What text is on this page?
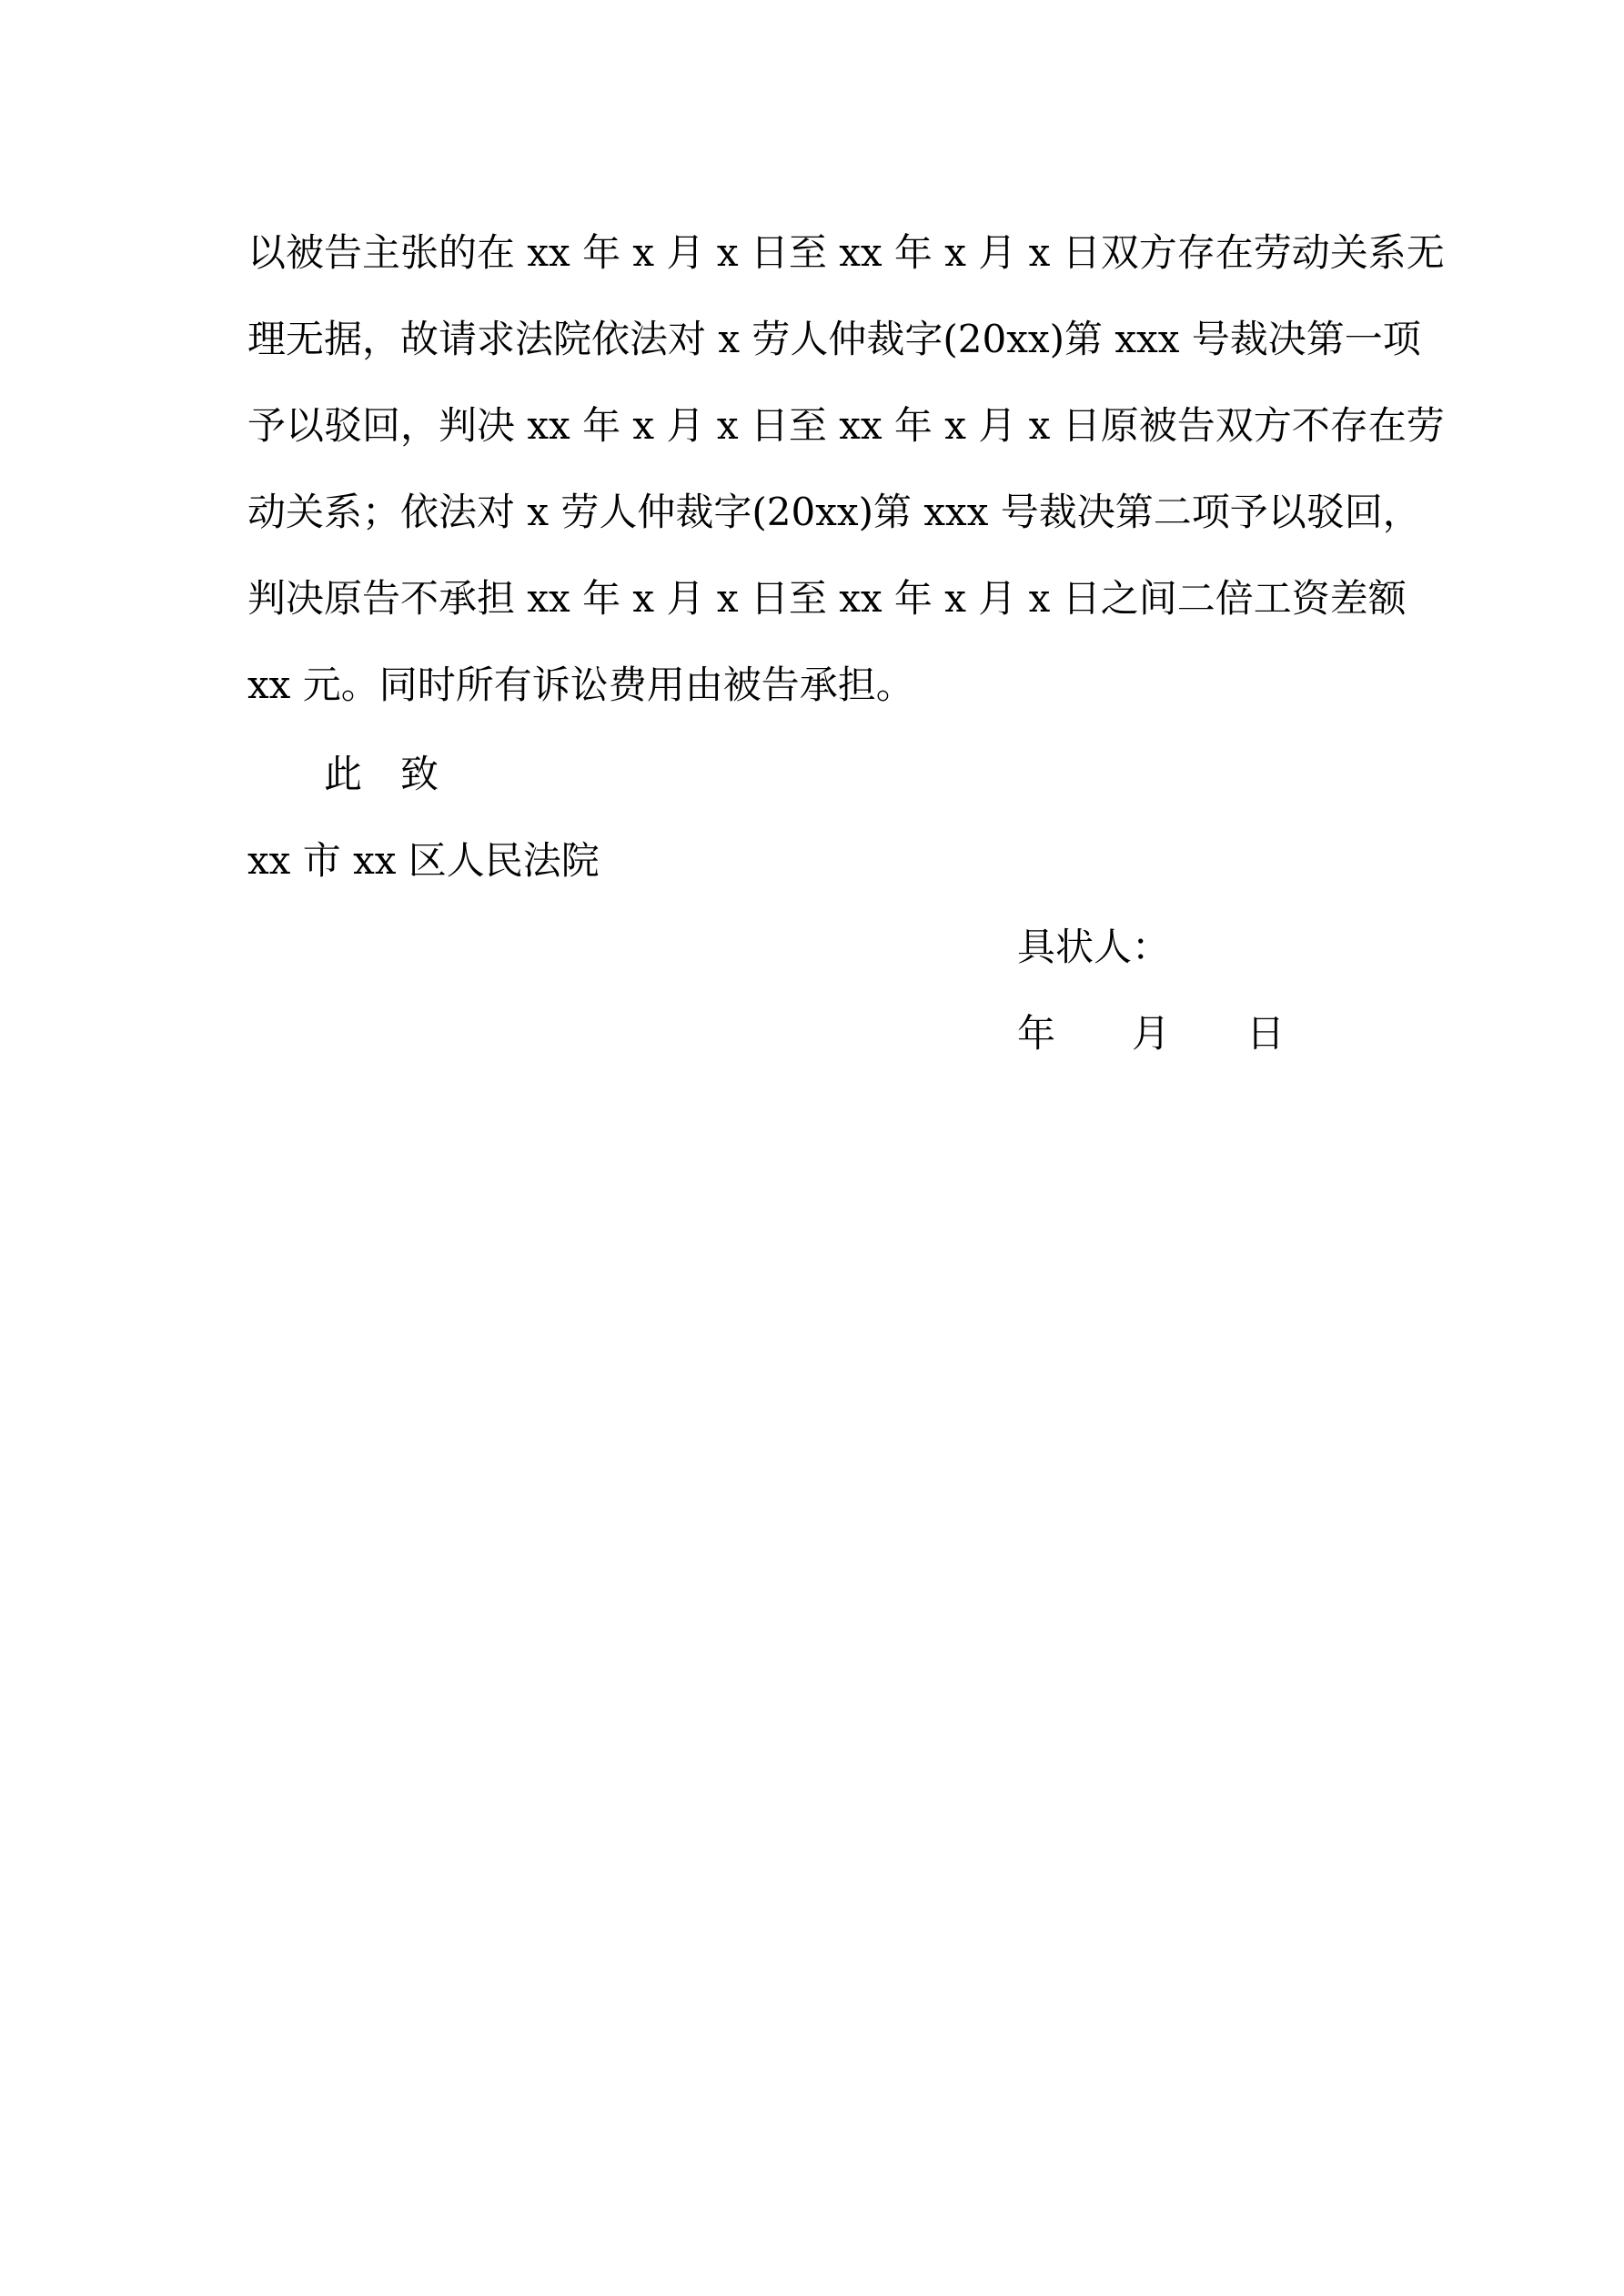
以被告主张的在 xx 年 x 月 x 日至 xx 年 x 月 x 日双方存在劳动关系无
理无据，故请求法院依法对 x 劳人仲裁字(20xx)第 xxx 号裁决第一项
予以驳回，判决 xx 年 x 月 x 日至 xx 年 x 月 x 日原被告双方不存在劳
动关系；依法对 x 劳人仲裁字(20xx)第 xxx 号裁决第二项予以驳回，
判决原告不承担 xx 年 x 月 x 日至 xx 年 x 月 x 日之间二倍工资差额
xx 元。同时所有诉讼费用由被告承担。
此　致
xx 市 xx 区人民法院
具状人：
年　　月　　日
